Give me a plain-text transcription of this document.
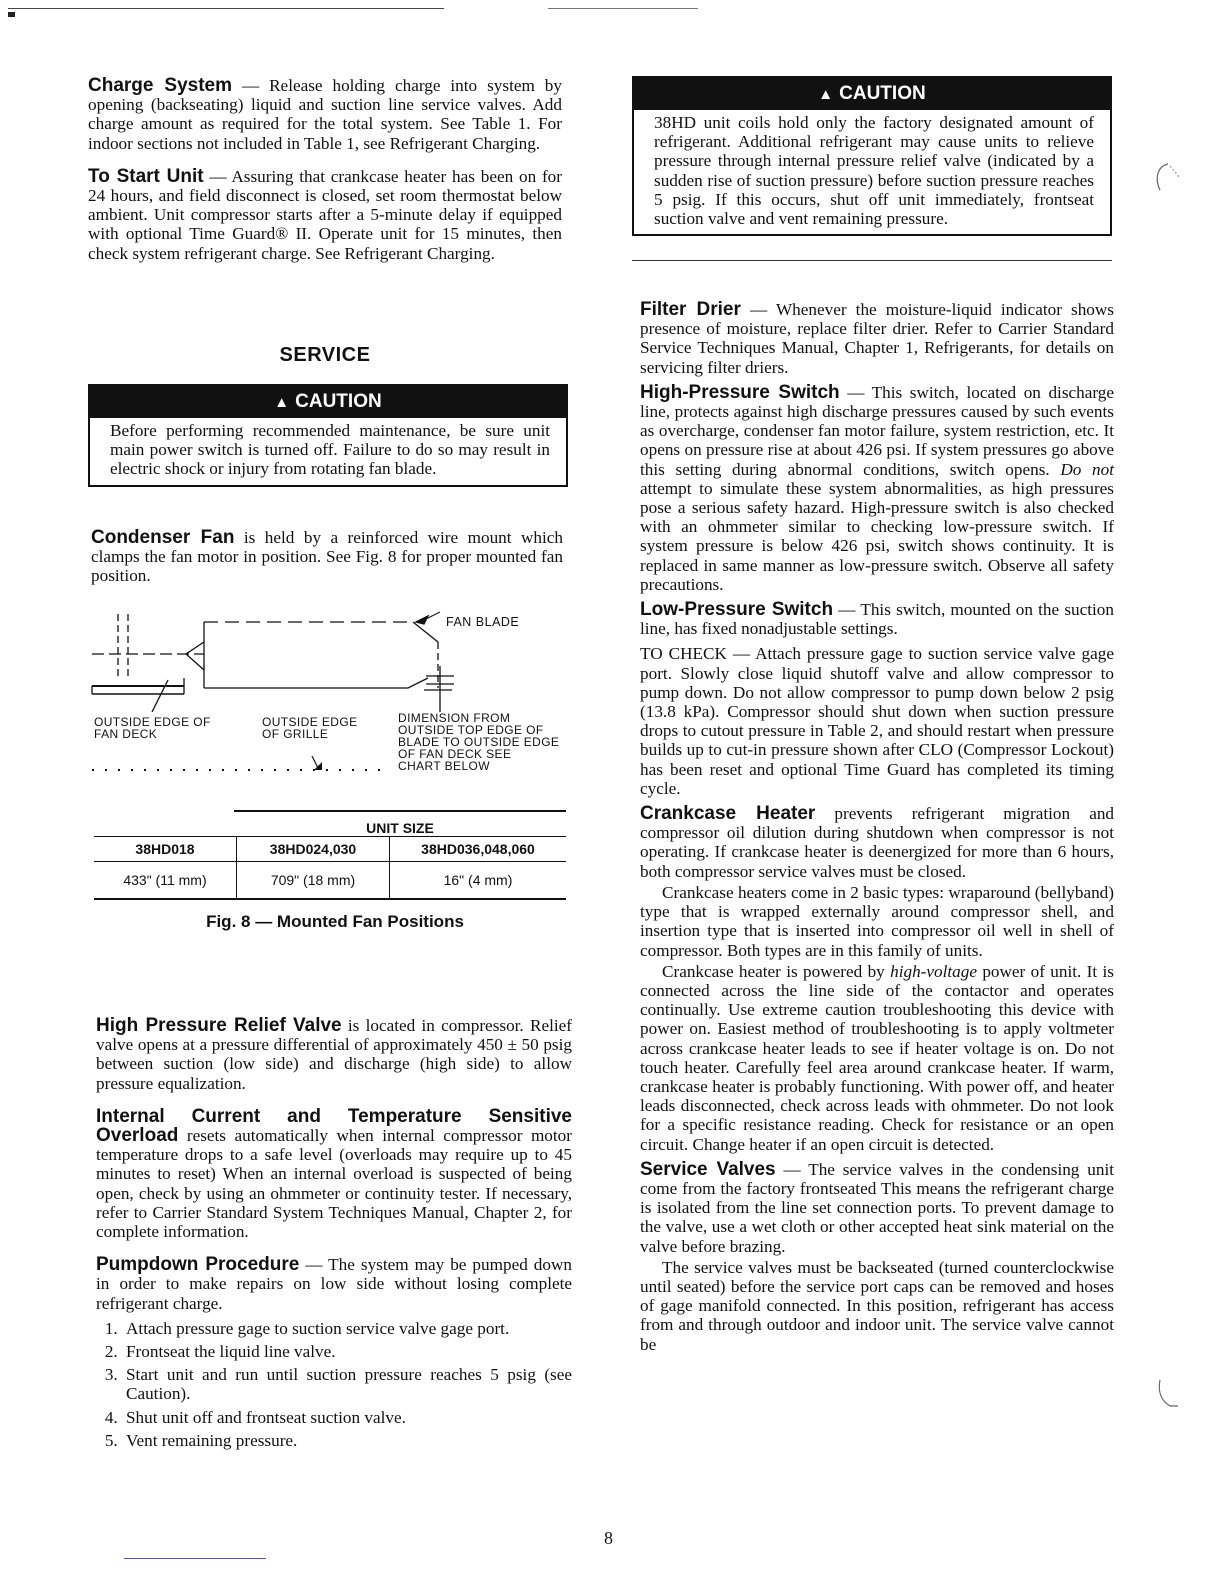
Charge System — Release holding charge into system by opening (backseating) liquid and suction line service valves. Add charge amount as required for the total system. See Table 1. For indoor sections not included in Table 1, see Refrigerant Charging.

To Start Unit — Assuring that crankcase heater has been on for 24 hours, and field disconnect is closed, set room thermostat below ambient. Unit compressor starts after a 5-minute delay if equipped with optional Time Guard® II. Operate unit for 15 minutes, then check system refrigerant charge. See Refrigerant Charging.

SERVICE
▲ CAUTION
Before performing recommended maintenance, be sure unit main power switch is turned off. Failure to do so may result in electric shock or injury from rotating fan blade.

Condenser Fan is held by a reinforced wire mount which clamps the fan motor in position. See Fig. 8 for proper mounted fan position.

FAN BLADE
OUTSIDE EDGE OF
FAN DECK
OUTSIDE EDGE
OF GRILLE
DIMENSION FROM
OUTSIDE TOP EDGE OF
BLADE TO OUTSIDE EDGE
OF FAN DECK SEE
CHART BELOW
UNIT SIZE
38HD018	38HD024,030	38HD036,048,060
433" (11 mm)	709" (18 mm)	16" (4 mm)
Fig. 8 — Mounted Fan Positions

High Pressure Relief Valve is located in compressor. Relief valve opens at a pressure differential of approximately 450 ± 50 psig between suction (low side) and discharge (high side) to allow pressure equalization.

Internal Current and Temperature Sensitive Overload resets automatically when internal compressor motor temperature drops to a safe level (overloads may require up to 45 minutes to reset) When an internal overload is suspected of being open, check by using an ohmmeter or continuity tester. If necessary, refer to Carrier Standard System Techniques Manual, Chapter 2, for complete information.

Pumpdown Procedure — The system may be pumped down in order to make repairs on low side without losing complete refrigerant charge.

1. Attach pressure gage to suction service valve gage port.
2. Frontseat the liquid line valve.
3. Start unit and run until suction pressure reaches 5 psig (see Caution).
4. Shut unit off and frontseat suction valve.
5. Vent remaining pressure.
▲ CAUTION
38HD unit coils hold only the factory designated amount of refrigerant. Additional refrigerant may cause units to relieve pressure through internal pressure relief valve (indicated by a sudden rise of suction pressure) before suction pressure reaches 5 psig. If this occurs, shut off unit immediately, frontseat suction valve and vent remaining pressure.

Filter Drier — Whenever the moisture-liquid indicator shows presence of moisture, replace filter drier. Refer to Carrier Standard Service Techniques Manual, Chapter 1, Refrigerants, for details on servicing filter driers.

High-Pressure Switch — This switch, located on discharge line, protects against high discharge pressures caused by such events as overcharge, condenser fan motor failure, system restriction, etc. It opens on pressure rise at about 426 psi. If system pressures go above this setting during abnormal conditions, switch opens. Do not attempt to simulate these system abnormalities, as high pressures pose a serious safety hazard. High-pressure switch is also checked with an ohmmeter similar to checking low-pressure switch. If system pressure is below 426 psi, switch shows continuity. It is replaced in same manner as low-pressure switch. Observe all safety precautions.

Low-Pressure Switch — This switch, mounted on the suction line, has fixed nonadjustable settings.

TO CHECK — Attach pressure gage to suction service valve gage port. Slowly close liquid shutoff valve and allow compressor to pump down. Do not allow compressor to pump down below 2 psig (13.8 kPa). Compressor should shut down when suction pressure drops to cutout pressure in Table 2, and should restart when pressure builds up to cut-in pressure shown after CLO (Compressor Lockout) has been reset and optional Time Guard has completed its timing cycle.

Crankcase Heater prevents refrigerant migration and compressor oil dilution during shutdown when compressor is not operating. If crankcase heater is deenergized for more than 6 hours, both compressor service valves must be closed.

Crankcase heaters come in 2 basic types: wraparound (bellyband) type that is wrapped externally around compressor shell, and insertion type that is inserted into compressor oil well in shell of compressor. Both types are in this family of units.

Crankcase heater is powered by high-voltage power of unit. It is connected across the line side of the contactor and operates continually. Use extreme caution troubleshooting this device with power on. Easiest method of troubleshooting is to apply voltmeter across crankcase heater leads to see if heater voltage is on. Do not touch heater. Carefully feel area around crankcase heater. If warm, crankcase heater is probably functioning. With power off, and heater leads disconnected, check across leads with ohmmeter. Do not look for a specific resistance reading. Check for resistance or an open circuit. Change heater if an open circuit is detected.

Service Valves — The service valves in the condensing unit come from the factory frontseated This means the refrigerant charge is isolated from the line set connection ports. To prevent damage to the valve, use a wet cloth or other accepted heat sink material on the valve before brazing.

The service valves must be backseated (turned counterclockwise until seated) before the service port caps can be removed and hoses of gage manifold connected. In this position, refrigerant has access from and through outdoor and indoor unit. The service valve cannot be

8
